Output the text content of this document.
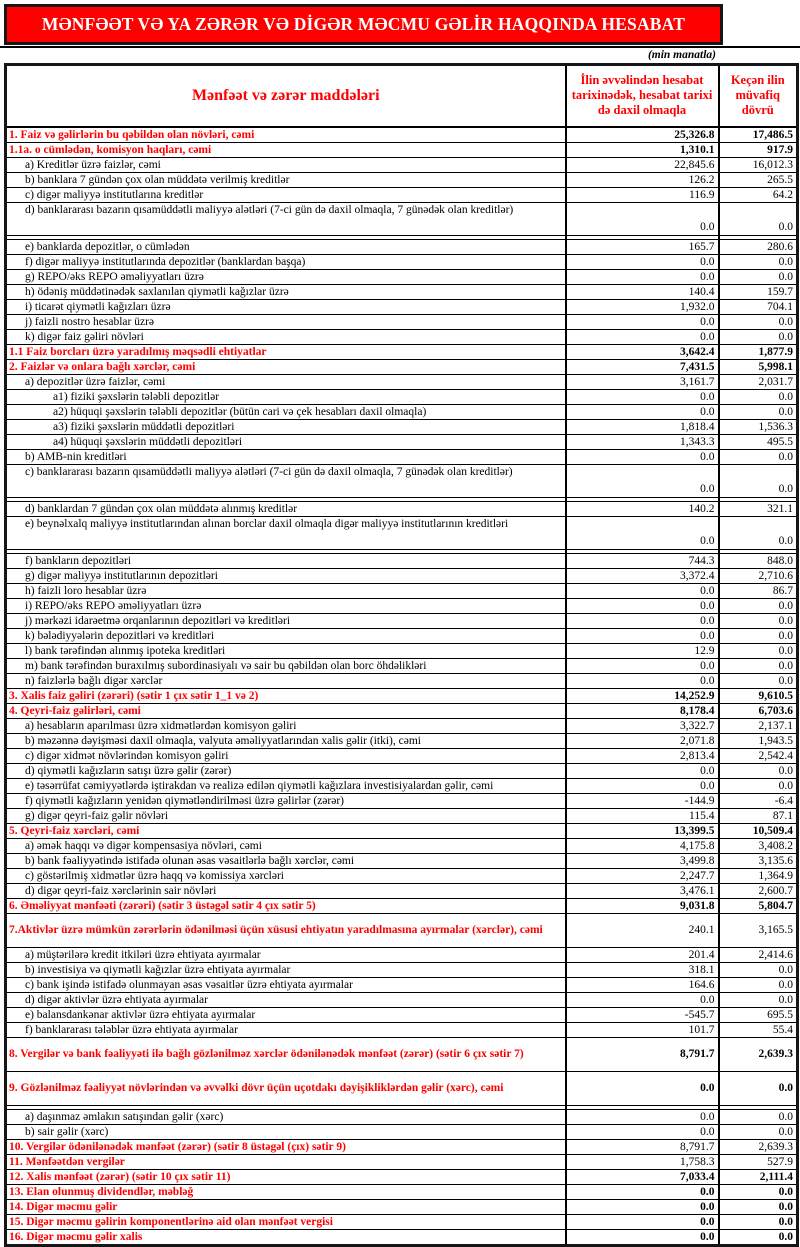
MƏNFƏƏT VƏ YA ZƏRƏR VƏ DİGƏR MƏCMU GƏLİR HAQQINDA HESABAT
(min manatla)
Mənfəət və zərər maddələri	İlin əvvəlindən hesabat tarixinədək, hesabat tarixi də daxil olmaqla	Keçən ilin müvafiq dövrü
1. Faiz və gəlirlərin bu qəbildən olan növləri, cəmi	25,326.8	17,486.5
1.1a. o cümlədən, komisyon haqları, cəmi	1,310.1	917.9
a) Kreditlər üzrə faizlər, cəmi	22,845.6	16,012.3
b) banklara 7 gündən çox olan müddətə verilmiş kreditlər	126.2	265.5
c) digər maliyyə institutlarına kreditlər	116.9	64.2
d) banklararası bazarın qısamüddətli maliyyə alətləri (7-ci gün də daxil olmaqla, 7 günədək olan kreditlər)	0.0	0.0

e) banklarda depozitlər, o cümlədən	165.7	280.6
f) digər maliyyə institutlarında depozitlər (banklardan başqa)	0.0	0.0
g) REPO/əks REPO əməliyyatları üzrə	0.0	0.0
h) ödəniş müddətinədək saxlanılan qiymətli kağızlar üzrə	140.4	159.7
i) ticarət qiymətli kağızları üzrə	1,932.0	704.1
j) faizli nostro hesablar üzrə	0.0	0.0
k) digər faiz gəliri növləri	0.0	0.0
1.1 Faiz borcları üzrə yaradılmış məqsədli ehtiyatlar	3,642.4	1,877.9
2. Faizlər və onlara bağlı xərclər, cəmi	7,431.5	5,998.1
a) depozitlər üzrə faizlər, cəmi	3,161.7	2,031.7
a1) fiziki şəxslərin tələbli depozitlər	0.0	0.0
a2) hüquqi şəxslərin tələbli depozitlər (bütün cari və çek hesabları daxil olmaqla)	0.0	0.0
a3) fiziki şəxslərin müddətli depozitləri	1,818.4	1,536.3
a4) hüquqi şəxslərin müddətli depozitləri	1,343.3	495.5
b) AMB-nin kreditləri	0.0	0.0
c) banklararası bazarın qısamüddətli maliyyə alətləri (7-ci gün də daxil olmaqla, 7 günədək olan kreditlər)	0.0	0.0

d) banklardan 7 gündən çox olan müddətə alınmış kreditlər	140.2	321.1
e) beynəlxalq maliyyə institutlarından alınan borclar daxil olmaqla digər maliyyə institutlarının kreditləri	0.0	0.0

f) bankların depozitləri	744.3	848.0
g) digər maliyyə institutlarının depozitləri	3,372.4	2,710.6
h) faizli loro hesablar üzrə	0.0	86.7
i) REPO/əks REPO əməliyyatları üzrə	0.0	0.0
j) mərkəzi idarəetmə orqanlarının depozitləri və kreditləri	0.0	0.0
k) bələdiyyələrin depozitləri və kreditləri	0.0	0.0
l) bank tərəfindən alınmış ipoteka kreditləri	12.9	0.0
m) bank tərəfindən buraxılmış subordinasiyalı və sair bu qəbildən olan borc öhdəlikləri	0.0	0.0
n) faizlərlə bağlı digər xərclər	0.0	0.0
3. Xalis faiz gəliri (zərəri) (sətir 1 çıx sətir 1_1 və 2)	14,252.9	9,610.5
4. Qeyri-faiz gəlirləri, cəmi	8,178.4	6,703.6
a) hesabların aparılması üzrə xidmətlərdən komisyon gəliri	3,322.7	2,137.1
b) məzənnə dəyişməsi daxil olmaqla, valyuta əməliyyatlarından xalis gəlir (itki), cəmi	2,071.8	1,943.5
c) digər xidmət növlərindən komisyon gəliri	2,813.4	2,542.4
d) qiymətli kağızların satışı üzrə gəlir (zərər)	0.0	0.0
e) təsərrüfat cəmiyyətlərdə iştirakdan və realizə edilən qiymətli kağızlara investisiyalardan gəlir, cəmi	0.0	0.0
f) qiymətli kağızların yenidən qiymətləndirilməsi üzrə gəlirlər (zərər)	-144.9	-6.4
g) digər qeyri-faiz gəlir növləri	115.4	87.1
5. Qeyri-faiz xərcləri, cəmi	13,399.5	10,509.4
a) əmək haqqı və digər kompensasiya növləri, cəmi	4,175.8	3,408.2
b) bank fəaliyyətində istifadə olunan əsas vəsaitlərlə bağlı xərclər, cəmi	3,499.8	3,135.6
c) göstərilmiş xidmətlər üzrə haqq və komissiya xərcləri	2,247.7	1,364.9
d) digər qeyri-faiz xərclərinin sair növləri	3,476.1	2,600.7
6. Əməliyyat mənfəəti (zərəri) (sətir 3 üstəgəl sətir 4 çıx sətir 5)	9,031.8	5,804.7
7.Aktivlər üzrə mümkün zərərlərin ödənilməsi üçün xüsusi ehtiyatın yaradılmasına ayırmalar (xərclər), cəmi	240.1	3,165.5
a) müştərilərə kredit itkiləri üzrə ehtiyata ayırmalar	201.4	2,414.6
b) investisiya və qiymətli kağızlar üzrə ehtiyata ayırmalar	318.1	0.0
c) bank işində istifadə olunmayan əsas vəsaitlər üzrə ehtiyata ayırmalar	164.6	0.0
d) digər aktivlər üzrə ehtiyata ayırmalar	0.0	0.0
e) balansdankənar aktivlər üzrə ehtiyata ayırmalar	-545.7	695.5
f) banklararası tələblər üzrə ehtiyata ayırmalar	101.7	55.4
8. Vergilər və bank fəaliyyəti ilə bağlı gözlənilməz xərclər ödənilənədək mənfəət (zərər) (sətir 6 çıx sətir 7)	8,791.7	2,639.3
9. Gözlənilməz fəaliyyət növlərindən və əvvəlki dövr üçün uçotdakı dəyişikliklərdən gəlir (xərc), cəmi	0.0	0.0

a) daşınmaz əmlakın satışından gəlir (xərc)	0.0	0.0
b) sair gəlir (xərc)	0.0	0.0
10. Vergilər ödənilənədək mənfəət (zərər) (sətir 8 üstəgəl (çıx) sətir 9)	8,791.7	2,639.3
11. Mənfəətdən vergilər	1,758.3	527.9
12. Xalis mənfəət (zərər) (sətir 10 çıx sətir 11)	7,033.4	2,111.4
13. Elan olunmuş dividendlər, məbləğ	0.0	0.0
14. Digər məcmu gəlir	0.0	0.0
15. Digər məcmu gəlirin komponentlərinə aid olan mənfəət vergisi	0.0	0.0
16. Digər məcmu gəlir xalis	0.0	0.0
